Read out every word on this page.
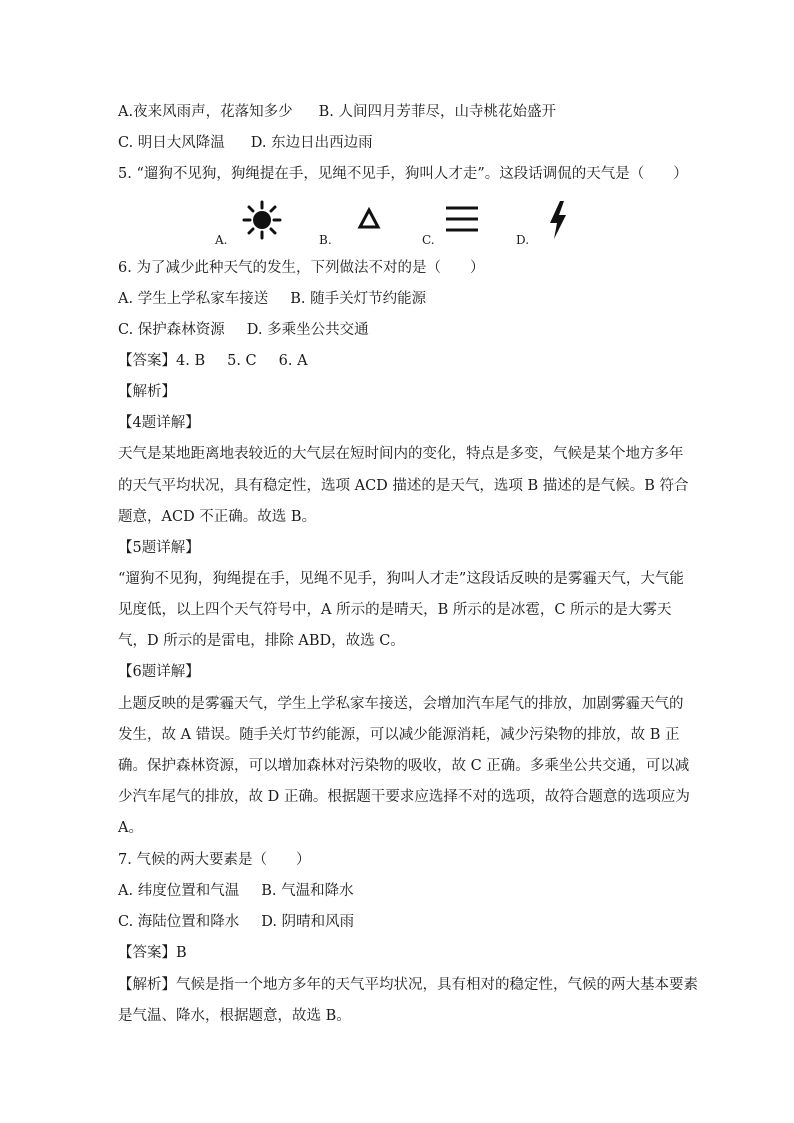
A.夜来风雨声，花落知多少 B. 人间四月芳菲尽，山寺桃花始盛开
C. 明日大风降温 D. 东边日出西边雨
5. “遛狗不见狗，狗绳提在手，见绳不见手，狗叫人才走”。这段话调侃的天气是（　　）
A.	B.	C.	D.
6. 为了减少此种天气的发生，下列做法不对的是（　　）
A. 学生上学私家车接送 B. 随手关灯节约能源
C. 保护森林资源 D. 多乘坐公共交通
【答案】4. B 5. C 6. A
【解析】
【4题详解】
天气是某地距离地表较近的大气层在短时间内的变化，特点是多变，气候是某个地方多年
的天气平均状况，具有稳定性，选项 ACD 描述的是天气，选项 B 描述的是气候。B 符合
题意，ACD 不正确。故选 B。
【5题详解】
“遛狗不见狗，狗绳提在手，见绳不见手，狗叫人才走”这段话反映的是雾霾天气，大气能
见度低，以上四个天气符号中，A 所示的是晴天，B 所示的是冰雹，C 所示的是大雾天
气，D 所示的是雷电，排除 ABD，故选 C。
【6题详解】
上题反映的是雾霾天气，学生上学私家车接送，会增加汽车尾气的排放，加剧雾霾天气的
发生，故 A 错误。随手关灯节约能源，可以减少能源消耗，减少污染物的排放，故 B 正
确。保护森林资源，可以增加森林对污染物的吸收，故 C 正确。多乘坐公共交通，可以减
少汽车尾气的排放，故 D 正确。根据题干要求应选择不对的选项，故符合题意的选项应为
A。
7. 气候的两大要素是（　　）
A. 纬度位置和气温 B. 气温和降水
C. 海陆位置和降水 D. 阴晴和风雨
【答案】B
【解析】气候是指一个地方多年的天气平均状况，具有相对的稳定性，气候的两大基本要素
是气温、降水，根据题意，故选 B。
